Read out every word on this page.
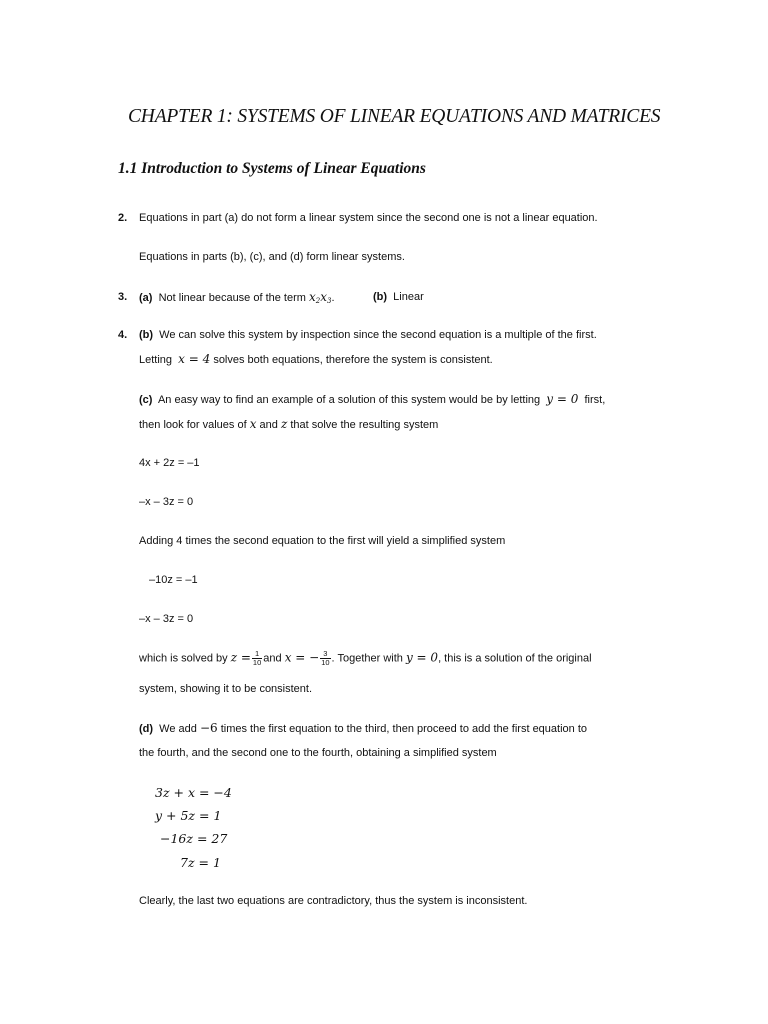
CHAPTER 1: SYSTEMS OF LINEAR EQUATIONS AND MATRICES
1.1 Introduction to Systems of Linear Equations
2. Equations in part (a) do not form a linear system since the second one is not a linear equation.
Equations in parts (b), (c), and (d) form linear systems.
3. (a) Not linear because of the term $x_2x_3$.	(b) Linear
4. (b) We can solve this system by inspection since the second equation is a multiple of the first.
Letting x = 4 solves both equations, therefore the system is consistent.
(c) An easy way to find an example of a solution of this system would be by letting y = 0 first,
then look for values of x and z that solve the resulting system
4x + 2z = –1
–x – 3z = 0
Adding 4 times the second equation to the first will yield a simplified system
–10z = –1
–x – 3z = 0
which is solved by $z = \frac{1}{10}$ and x = − $\frac{3}{10}$ . Together with y = 0, this is a solution of the original
system, showing it to be consistent.
(d) We add −6 times the first equation to the third, then proceed to add the first equation to
the fourth, and the second one to the fourth, obtaining a simplified system
3z + x = −4
y + 5z = 1
−16z = 27
7z = 1
Clearly, the last two equations are contradictory, thus the system is inconsistent.
